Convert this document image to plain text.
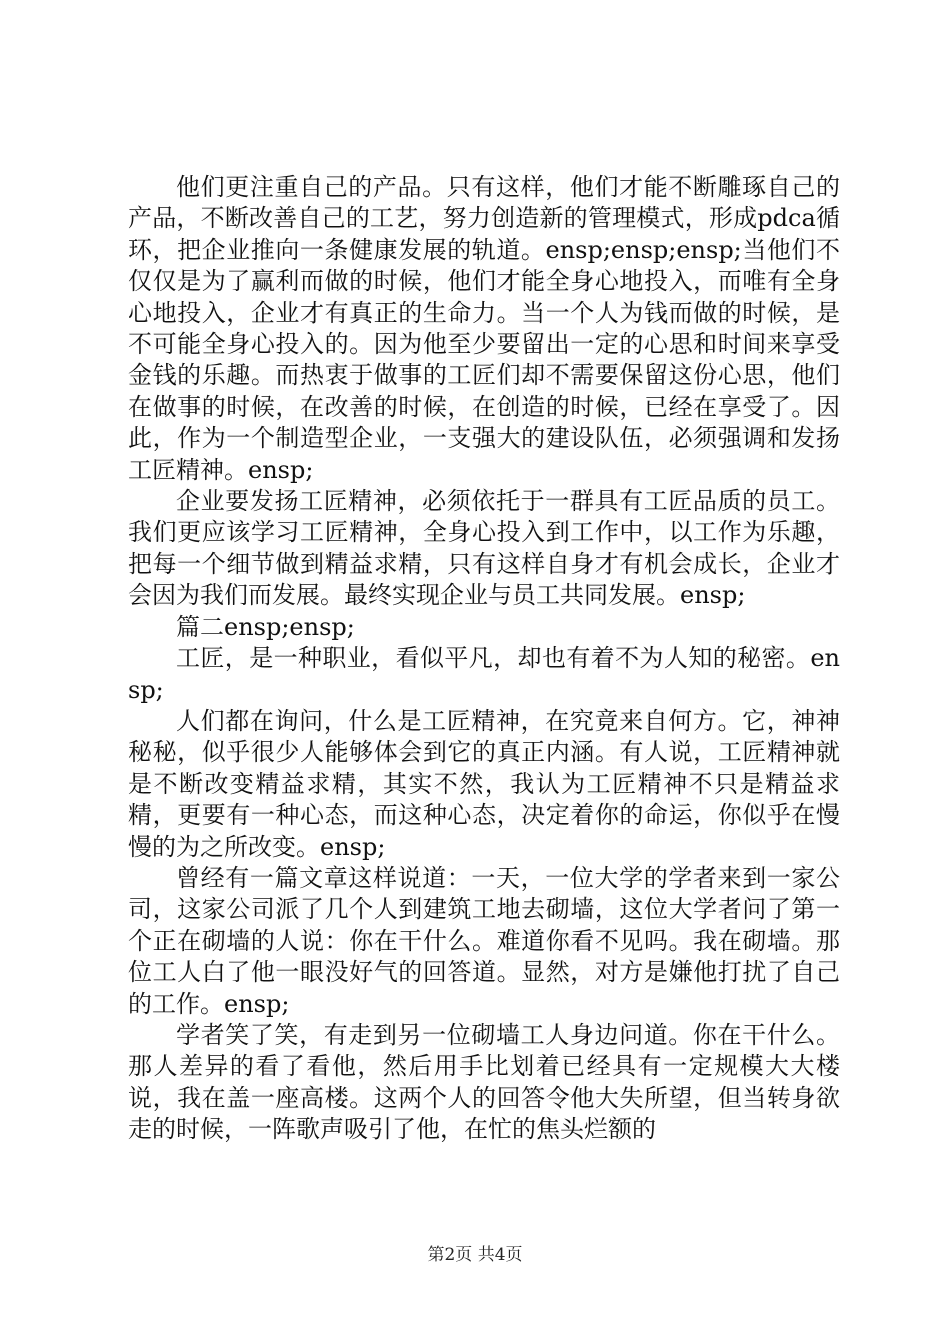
他们更注重自己的产品。只有这样，他们才能不断雕琢自己的产品，不断改善自己的工艺，努力创造新的管理模式，形成pdca循环，把企业推向一条健康发展的轨道。ensp;ensp;ensp;当他们不仅仅是为了赢利而做的时候，他们才能全身心地投入，而唯有全身心地投入，企业才有真正的生命力。当一个人为钱而做的时候，是不可能全身心投入的。因为他至少要留出一定的心思和时间来享受金钱的乐趣。而热衷于做事的工匠们却不需要保留这份心思，他们在做事的时候，在改善的时候，在创造的时候，已经在享受了。因此，作为一个制造型企业，一支强大的建设队伍，必须强调和发扬工匠精神。ensp;

企业要发扬工匠精神，必须依托于一群具有工匠品质的员工。我们更应该学习工匠精神，全身心投入到工作中，以工作为乐趣，把每一个细节做到精益求精，只有这样自身才有机会成长，企业才会因为我们而发展。最终实现企业与员工共同发展。ensp;

篇二ensp;ensp;

工匠，是一种职业，看似平凡，却也有着不为人知的秘密。ensp;

人们都在询问，什么是工匠精神，在究竟来自何方。它，神神秘秘，似乎很少人能够体会到它的真正内涵。有人说，工匠精神就是不断改变精益求精，其实不然，我认为工匠精神不只是精益求精，更要有一种心态，而这种心态，决定着你的命运，你似乎在慢慢的为之所改变。ensp;

曾经有一篇文章这样说道：一天，一位大学的学者来到一家公司，这家公司派了几个人到建筑工地去砌墙，这位大学者问了第一个正在砌墙的人说：你在干什么。难道你看不见吗。我在砌墙。那位工人白了他一眼没好气的回答道。显然，对方是嫌他打扰了自己的工作。ensp;

学者笑了笑，有走到另一位砌墙工人身边问道。你在干什么。那人差异的看了看他，然后用手比划着已经具有一定规模大大楼说，我在盖一座高楼。这两个人的回答令他大失所望，但当转身欲走的时候，一阵歌声吸引了他，在忙的焦头烂额的

第2页 共4页
